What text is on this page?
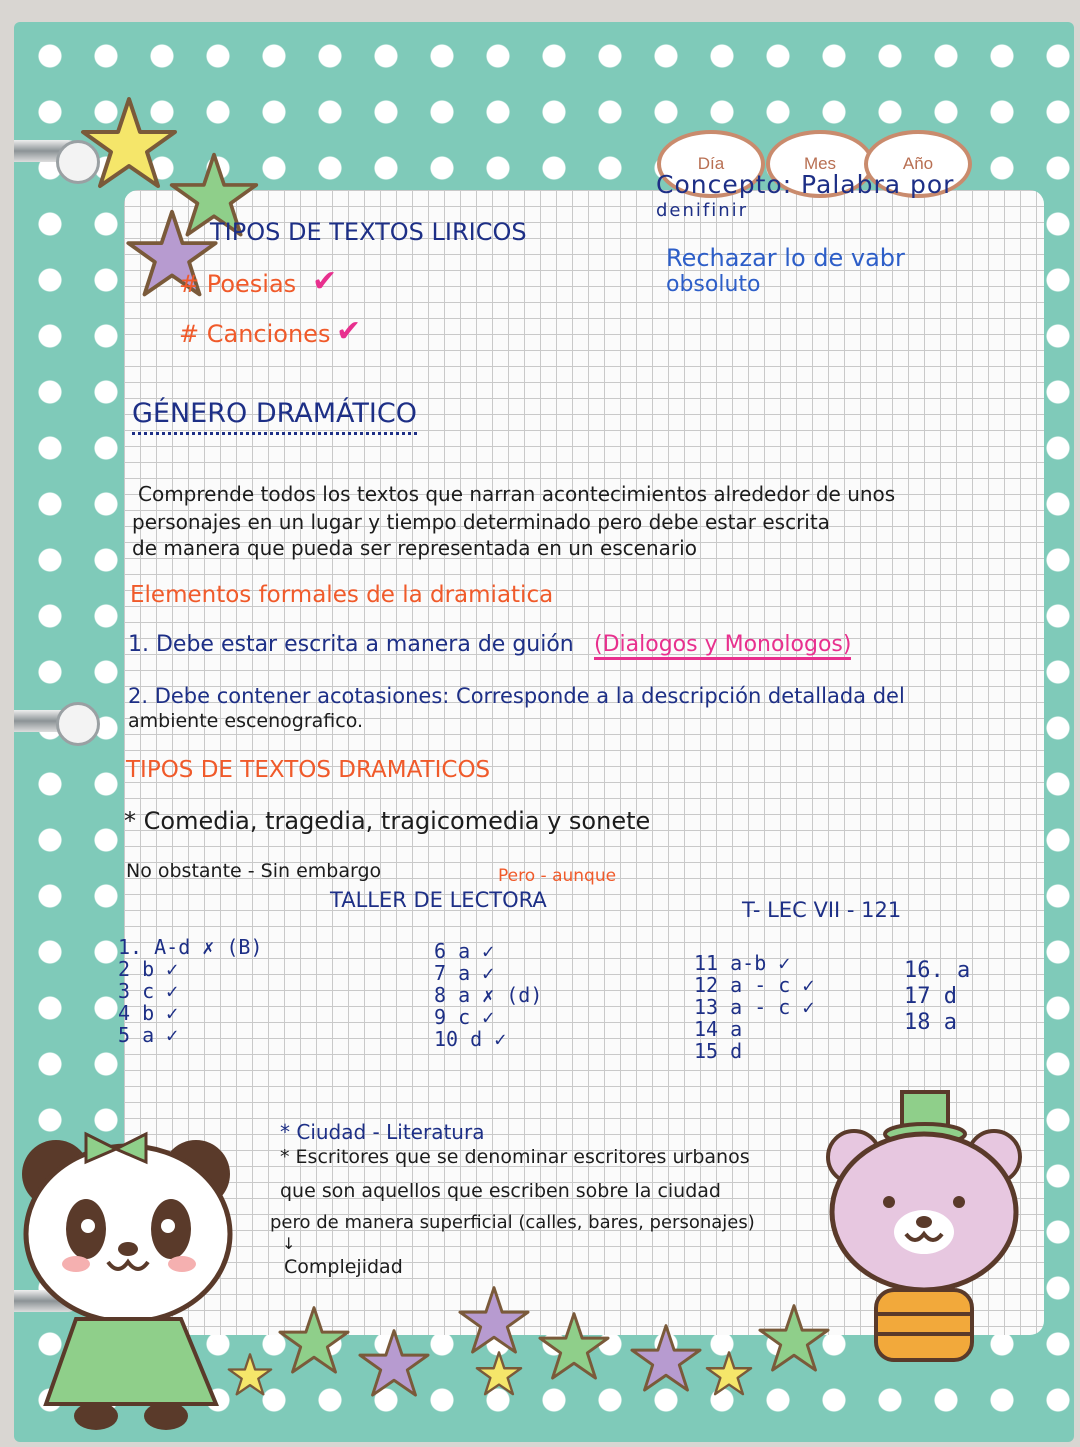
Día	Mes	Año
Concepto: Palabra por
denifinir
Rechazar lo de vabr
obsoluto
TIPOS DE TEXTOS LIRICOS
# Poesias ✔
# Canciones ✔
GÉNERO DRAMÁTICO
Comprende todos los textos que narran acontecimientos alrededor de unos
personajes en un lugar y tiempo determinado pero debe estar escrita
de manera que pueda ser representada en un escenario
Elementos formales de la dramiatica
1. Debe estar escrita a manera de guión (Dialogos y Monologos)
2. Debe contener acotasiones: Corresponde a la descripción detallada del
ambiente escenografico.
TIPOS DE TEXTOS DRAMATICOS
* Comedia, tragedia, tragicomedia y sonete
No obstante - Sin embargo	Pero - aunque
TALLER DE LECTORA	T- LEC VII - 121
1. A-d ✗ (B)
2 b ✓
3 c ✓
4 b ✓
5 a ✓
6 a ✓
7 a ✓
8 a ✗ (d)
9 c ✓
10 d ✓
11 a-b ✓
12 a - c ✓
13 a - c ✓
14 a
15 d
16. a
17 d
18 a
* Ciudad - Literatura
* Escritores que se denominar escritores urbanos
que son aquellos que escriben sobre la ciudad
pero de manera superficial (calles, bares, personajes)
↓
Complejidad
